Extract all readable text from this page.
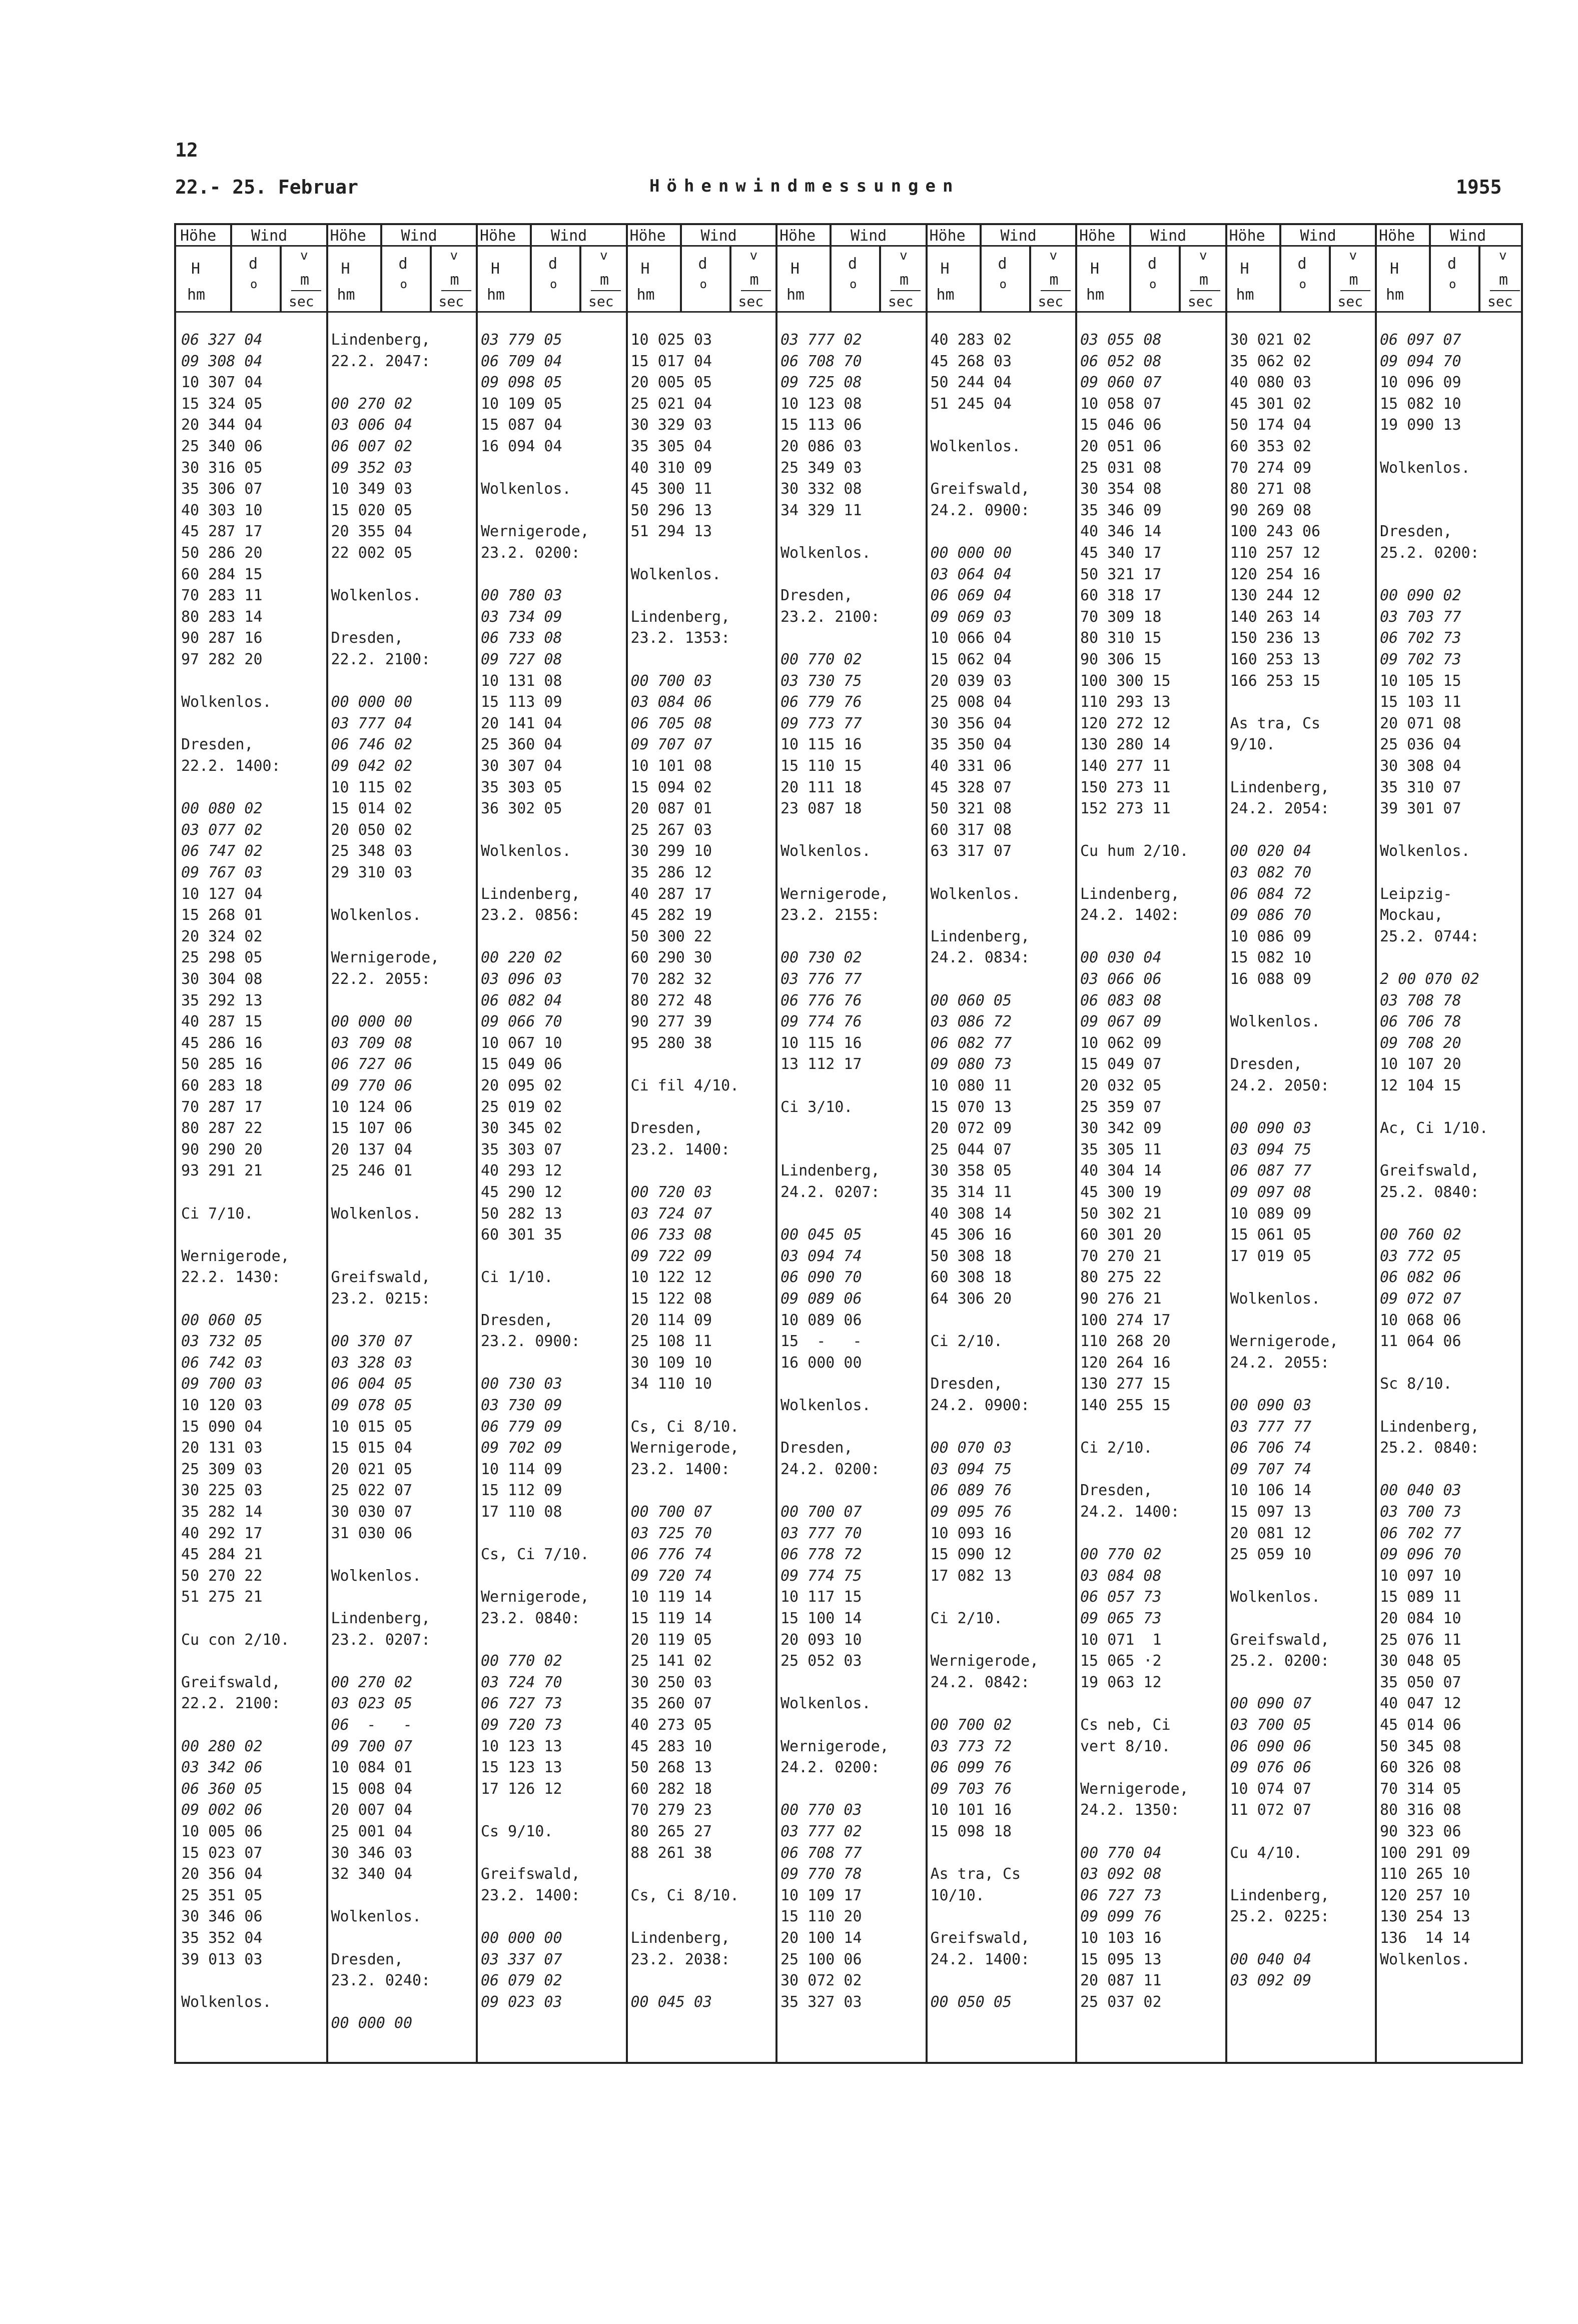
12
22.- 25. Februar	Höhenwindmessungen	1955
Höhe Wind
H
hm
d
o
v
m
sec
06 327 04
09 308 04
10 307 04
15 324 05
20 344 04
25 340 06
30 316 05
35 306 07
40 303 10
45 287 17
50 286 20
60 284 15
70 283 11
80 283 14
90 287 16
97 282 20
Wolkenlos.
Dresden,
22.2. 1400:
00 080 02
03 077 02
06 747 02
09 767 03
10 127 04
15 268 01
20 324 02
25 298 05
30 304 08
35 292 13
40 287 15
45 286 16
50 285 16
60 283 18
70 287 17
80 287 22
90 290 20
93 291 21
Ci 7/10.
Wernigerode,
22.2. 1430:
00 060 05
03 732 05
06 742 03
09 700 03
10 120 03
15 090 04
20 131 03
25 309 03
30 225 03
35 282 14
40 292 17
45 284 21
50 270 22
51 275 21
Cu con 2/10.
Greifswald,
22.2. 2100:
00 280 02
03 342 06
06 360 05
09 002 06
10 005 06
15 023 07
20 356 04
25 351 05
30 346 06
35 352 04
39 013 03
Wolkenlos.
Höhe Wind
H
hm
d
o
v
m
sec
Lindenberg,
22.2. 2047:
00 270 02
03 006 04
06 007 02
09 352 03
10 349 03
15 020 05
20 355 04
22 002 05
Wolkenlos.
Dresden,
22.2. 2100:
00 000 00
03 777 04
06 746 02
09 042 02
10 115 02
15 014 02
20 050 02
25 348 03
29 310 03
Wolkenlos.
Wernigerode,
22.2. 2055:
00 000 00
03 709 08
06 727 06
09 770 06
10 124 06
15 107 06
20 137 04
25 246 01
Wolkenlos.
Greifswald,
23.2. 0215:
00 370 07
03 328 03
06 004 05
09 078 05
10 015 05
15 015 04
20 021 05
25 022 07
30 030 07
31 030 06
Wolkenlos.
Lindenberg,
23.2. 0207:
00 270 02
03 023 05
06  -   -
09 700 07
10 084 01
15 008 04
20 007 04
25 001 04
30 346 03
32 340 04
Wolkenlos.
Dresden,
23.2. 0240:
00 000 00
Höhe Wind
H
hm
d
o
v
m
sec
03 779 05
06 709 04
09 098 05
10 109 05
15 087 04
16 094 04
Wolkenlos.
Wernigerode,
23.2. 0200:
00 780 03
03 734 09
06 733 08
09 727 08
10 131 08
15 113 09
20 141 04
25 360 04
30 307 04
35 303 05
36 302 05
Wolkenlos.
Lindenberg,
23.2. 0856:
00 220 02
03 096 03
06 082 04
09 066 70
10 067 10
15 049 06
20 095 02
25 019 02
30 345 02
35 303 07
40 293 12
45 290 12
50 282 13
60 301 35
Ci 1/10.
Dresden,
23.2. 0900:
00 730 03
03 730 09
06 779 09
09 702 09
10 114 09
15 112 09
17 110 08
Cs, Ci 7/10.
Wernigerode,
23.2. 0840:
00 770 02
03 724 70
06 727 73
09 720 73
10 123 13
15 123 13
17 126 12
Cs 9/10.
Greifswald,
23.2. 1400:
00 000 00
03 337 07
06 079 02
09 023 03
Höhe Wind
H
hm
d
o
v
m
sec
10 025 03
15 017 04
20 005 05
25 021 04
30 329 03
35 305 04
40 310 09
45 300 11
50 296 13
51 294 13
Wolkenlos.
Lindenberg,
23.2. 1353:
00 700 03
03 084 06
06 705 08
09 707 07
10 101 08
15 094 02
20 087 01
25 267 03
30 299 10
35 286 12
40 287 17
45 282 19
50 300 22
60 290 30
70 282 32
80 272 48
90 277 39
95 280 38
Ci fil 4/10.
Dresden,
23.2. 1400:
00 720 03
03 724 07
06 733 08
09 722 09
10 122 12
15 122 08
20 114 09
25 108 11
30 109 10
34 110 10
Cs, Ci 8/10.
Wernigerode,
23.2. 1400:
00 700 07
03 725 70
06 776 74
09 720 74
10 119 14
15 119 14
20 119 05
25 141 02
30 250 03
35 260 07
40 273 05
45 283 10
50 268 13
60 282 18
70 279 23
80 265 27
88 261 38
Cs, Ci 8/10.
Lindenberg,
23.2. 2038:
00 045 03
Höhe Wind
H
hm
d
o
v
m
sec
03 777 02
06 708 70
09 725 08
10 123 08
15 113 06
20 086 03
25 349 03
30 332 08
34 329 11
Wolkenlos.
Dresden,
23.2. 2100:
00 770 02
03 730 75
06 779 76
09 773 77
10 115 16
15 110 15
20 111 18
23 087 18
Wolkenlos.
Wernigerode,
23.2. 2155:
00 730 02
03 776 77
06 776 76
09 774 76
10 115 16
13 112 17
Ci 3/10.
Lindenberg,
24.2. 0207:
00 045 05
03 094 74
06 090 70
09 089 06
10 089 06
15  -   -
16 000 00
Wolkenlos.
Dresden,
24.2. 0200:
00 700 07
03 777 70
06 778 72
09 774 75
10 117 15
15 100 14
20 093 10
25 052 03
Wolkenlos.
Wernigerode,
24.2. 0200:
00 770 03
03 777 02
06 708 77
09 770 78
10 109 17
15 110 20
20 100 14
25 100 06
30 072 02
35 327 03
Höhe Wind
H
hm
d
o
v
m
sec
40 283 02
45 268 03
50 244 04
51 245 04
Wolkenlos.
Greifswald,
24.2. 0900:
00 000 00
03 064 04
06 069 04
09 069 03
10 066 04
15 062 04
20 039 03
25 008 04
30 356 04
35 350 04
40 331 06
45 328 07
50 321 08
60 317 08
63 317 07
Wolkenlos.
Lindenberg,
24.2. 0834:
00 060 05
03 086 72
06 082 77
09 080 73
10 080 11
15 070 13
20 072 09
25 044 07
30 358 05
35 314 11
40 308 14
45 306 16
50 308 18
60 308 18
64 306 20
Ci 2/10.
Dresden,
24.2. 0900:
00 070 03
03 094 75
06 089 76
09 095 76
10 093 16
15 090 12
17 082 13
Ci 2/10.
Wernigerode,
24.2. 0842:
00 700 02
03 773 72
06 099 76
09 703 76
10 101 16
15 098 18
As tra, Cs
10/10.
Greifswald,
24.2. 1400:
00 050 05
Höhe Wind
H
hm
d
o
v
m
sec
03 055 08
06 052 08
09 060 07
10 058 07
15 046 06
20 051 06
25 031 08
30 354 08
35 346 09
40 346 14
45 340 17
50 321 17
60 318 17
70 309 18
80 310 15
90 306 15
100 300 15
110 293 13
120 272 12
130 280 14
140 277 11
150 273 11
152 273 11
Cu hum 2/10.
Lindenberg,
24.2. 1402:
00 030 04
03 066 06
06 083 08
09 067 09
10 062 09
15 049 07
20 032 05
25 359 07
30 342 09
35 305 11
40 304 14
45 300 19
50 302 21
60 301 20
70 270 21
80 275 22
90 276 21
100 274 17
110 268 20
120 264 16
130 277 15
140 255 15
Ci 2/10.
Dresden,
24.2. 1400:
00 770 02
03 084 08
06 057 73
09 065 73
10 071  1
15 065 ·2
19 063 12
Cs neb, Ci
vert 8/10.
Wernigerode,
24.2. 1350:
00 770 04
03 092 08
06 727 73
09 099 76
10 103 16
15 095 13
20 087 11
25 037 02
Höhe Wind
H
hm
d
o
v
m
sec
30 021 02
35 062 02
40 080 03
45 301 02
50 174 04
60 353 02
70 274 09
80 271 08
90 269 08
100 243 06
110 257 12
120 254 16
130 244 12
140 263 14
150 236 13
160 253 13
166 253 15
As tra, Cs
9/10.
Lindenberg,
24.2. 2054:
00 020 04
03 082 70
06 084 72
09 086 70
10 086 09
15 082 10
16 088 09
Wolkenlos.
Dresden,
24.2. 2050:
00 090 03
03 094 75
06 087 77
09 097 08
10 089 09
15 061 05
17 019 05
Wolkenlos.
Wernigerode,
24.2. 2055:
00 090 03
03 777 77
06 706 74
09 707 74
10 106 14
15 097 13
20 081 12
25 059 10
Wolkenlos.
Greifswald,
25.2. 0200:
00 090 07
03 700 05
06 090 06
09 076 06
10 074 07
11 072 07
Cu 4/10.
Lindenberg,
25.2. 0225:
00 040 04
03 092 09
Höhe Wind
H
hm
d
o
v
m
sec
06 097 07
09 094 70
10 096 09
15 082 10
19 090 13
Wolkenlos.
Dresden,
25.2. 0200:
00 090 02
03 703 77
06 702 73
09 702 73
10 105 15
15 103 11
20 071 08
25 036 04
30 308 04
35 310 07
39 301 07
Wolkenlos.
Leipzig-
Mockau,
25.2. 0744:
2 00 070 02
03 708 78
06 706 78
09 708 20
10 107 20
12 104 15
Ac, Ci 1/10.
Greifswald,
25.2. 0840:
00 760 02
03 772 05
06 082 06
09 072 07
10 068 06
11 064 06
Sc 8/10.
Lindenberg,
25.2. 0840:
00 040 03
03 700 73
06 702 77
09 096 70
10 097 10
15 089 11
20 084 10
25 076 11
30 048 05
35 050 07
40 047 12
45 014 06
50 345 08
60 326 08
70 314 05
80 316 08
90 323 06
100 291 09
110 265 10
120 257 10
130 254 13
136  14 14
Wolkenlos.
